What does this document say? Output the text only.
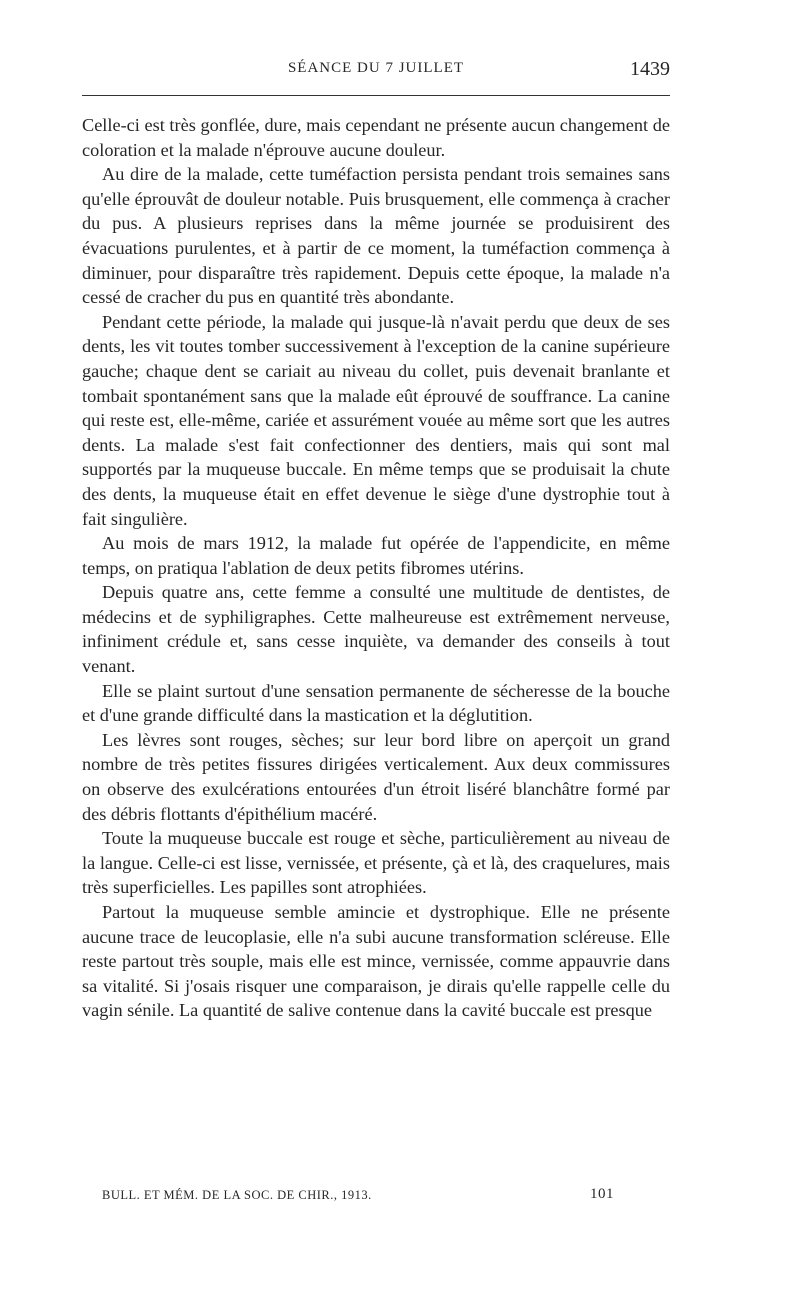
SÉANCE DU 7 JUILLET	1439

Celle-ci est très gonflée, dure, mais cependant ne présente aucun changement de coloration et la malade n'éprouve aucune douleur.

Au dire de la malade, cette tuméfaction persista pendant trois semaines sans qu'elle éprouvât de douleur notable. Puis brusquement, elle commença à cracher du pus. A plusieurs reprises dans la même journée se produisirent des évacuations purulentes, et à partir de ce moment, la tuméfaction commença à diminuer, pour disparaître très rapidement. Depuis cette époque, la malade n'a cessé de cracher du pus en quantité très abondante.

Pendant cette période, la malade qui jusque-là n'avait perdu que deux de ses dents, les vit toutes tomber successivement à l'exception de la canine supérieure gauche; chaque dent se cariait au niveau du collet, puis devenait branlante et tombait spontanément sans que la malade eût éprouvé de souffrance. La canine qui reste est, elle-même, cariée et assurément vouée au même sort que les autres dents. La malade s'est fait confectionner des dentiers, mais qui sont mal supportés par la muqueuse buccale. En même temps que se produisait la chute des dents, la muqueuse était en effet devenue le siège d'une dystrophie tout à fait singulière.

Au mois de mars 1912, la malade fut opérée de l'appendicite, en même temps, on pratiqua l'ablation de deux petits fibromes utérins.

Depuis quatre ans, cette femme a consulté une multitude de dentistes, de médecins et de syphiligraphes. Cette malheureuse est extrêmement nerveuse, infiniment crédule et, sans cesse inquiète, va demander des conseils à tout venant.

Elle se plaint surtout d'une sensation permanente de sécheresse de la bouche et d'une grande difficulté dans la mastication et la déglutition.

Les lèvres sont rouges, sèches; sur leur bord libre on aperçoit un grand nombre de très petites fissures dirigées verticalement. Aux deux commissures on observe des exulcérations entourées d'un étroit liséré blanchâtre formé par des débris flottants d'épithélium macéré.

Toute la muqueuse buccale est rouge et sèche, particulièrement au niveau de la langue. Celle-ci est lisse, vernissée, et présente, çà et là, des craquelures, mais très superficielles. Les papilles sont atrophiées.

Partout la muqueuse semble amincie et dystrophique. Elle ne présente aucune trace de leucoplasie, elle n'a subi aucune transformation scléreuse. Elle reste partout très souple, mais elle est mince, vernissée, comme appauvrie dans sa vitalité. Si j'osais risquer une comparaison, je dirais qu'elle rappelle celle du vagin sénile. La quantité de salive contenue dans la cavité buccale est presque

BULL. ET MÉM. DE LA SOC. DE CHIR., 1913.	101
